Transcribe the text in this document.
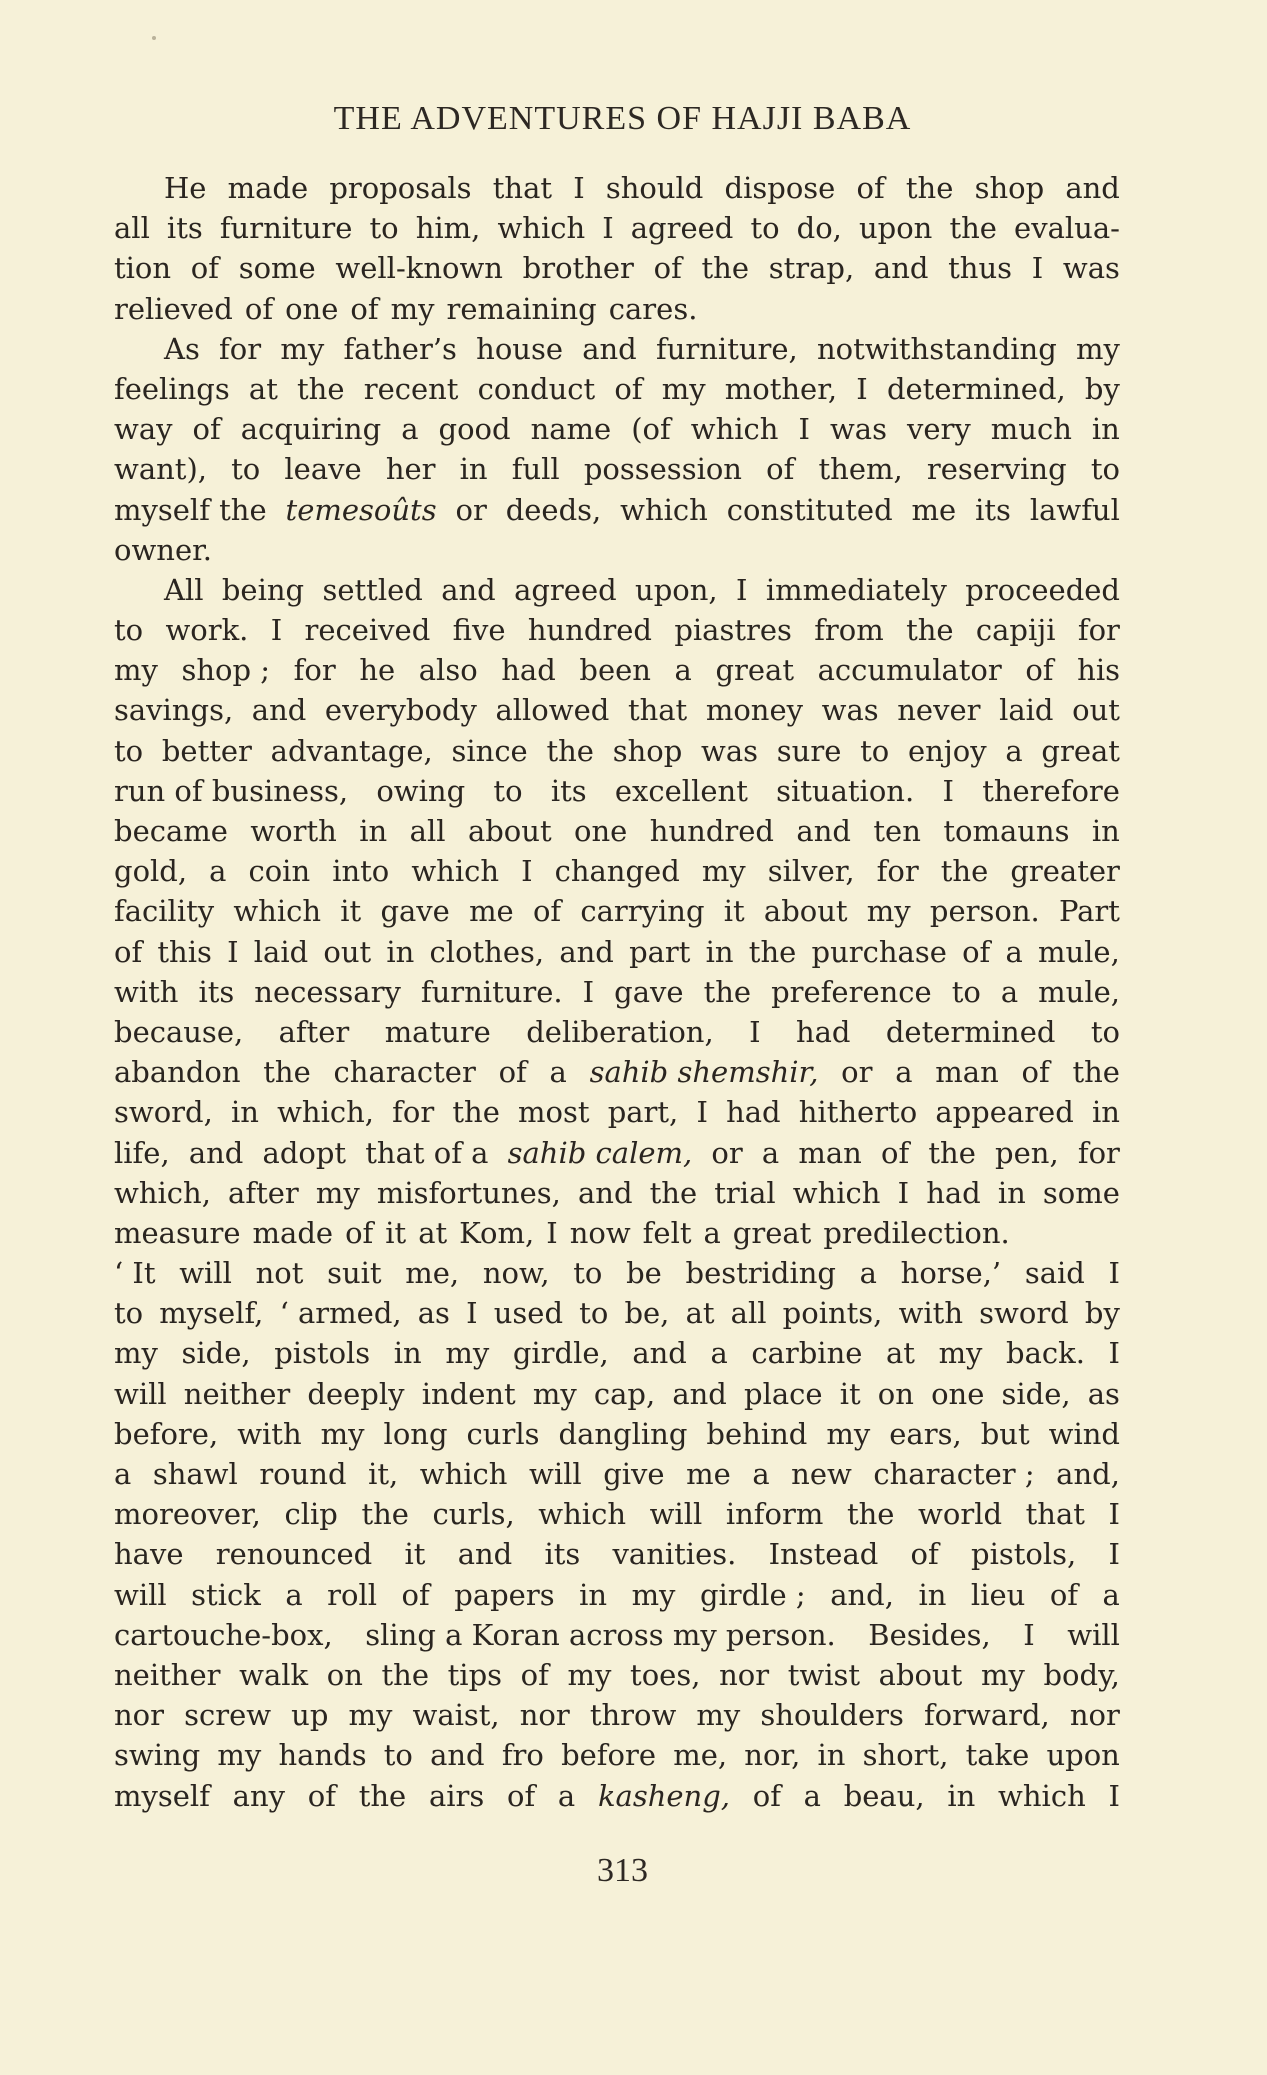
THE ADVENTURES OF HAJJI BABA
He made proposals that I should dispose of the shop and
all its furniture to him, which I agreed to do, upon the evalua-
tion of some well-known brother of the strap, and thus I was
relieved of one of my remaining cares.
As for my father’s house and furniture, notwithstanding my
feelings at the recent conduct of my mother, I determined, by
way of acquiring a good name (of which I was very much in
want), to leave her in full possession of them, reserving to
myself the temesoûts or deeds, which constituted me its lawful
owner.
All being settled and agreed upon, I immediately proceeded
to work. I received five hundred piastres from the capiji for
my shop ; for he also had been a great accumulator of his
savings, and everybody allowed that money was never laid out
to better advantage, since the shop was sure to enjoy a great
run of business, owing to its excellent situation. I therefore
became worth in all about one hundred and ten tomauns in
gold, a coin into which I changed my silver, for the greater
facility which it gave me of carrying it about my person. Part
of this I laid out in clothes, and part in the purchase of a mule,
with its necessary furniture. I gave the preference to a mule,
because, after mature deliberation, I had determined to
abandon the character of a sahib shemshir, or a man of the
sword, in which, for the most part, I had hitherto appeared in
life, and adopt that of a sahib calem, or a man of the pen, for
which, after my misfortunes, and the trial which I had in some
measure made of it at Kom, I now felt a great predilection.
‘ It will not suit me, now, to be bestriding a horse,’ said I
to myself, ‘ armed, as I used to be, at all points, with sword by
my side, pistols in my girdle, and a carbine at my back. I
will neither deeply indent my cap, and place it on one side, as
before, with my long curls dangling behind my ears, but wind
a shawl round it, which will give me a new character ; and,
moreover, clip the curls, which will inform the world that I
have renounced it and its vanities. Instead of pistols, I
will stick a roll of papers in my girdle ; and, in lieu of a
cartouche-box, sling a Koran across my person. Besides, I will
neither walk on the tips of my toes, nor twist about my body,
nor screw up my waist, nor throw my shoulders forward, nor
swing my hands to and fro before me, nor, in short, take upon
myself any of the airs of a kasheng, of a beau, in which I
313
